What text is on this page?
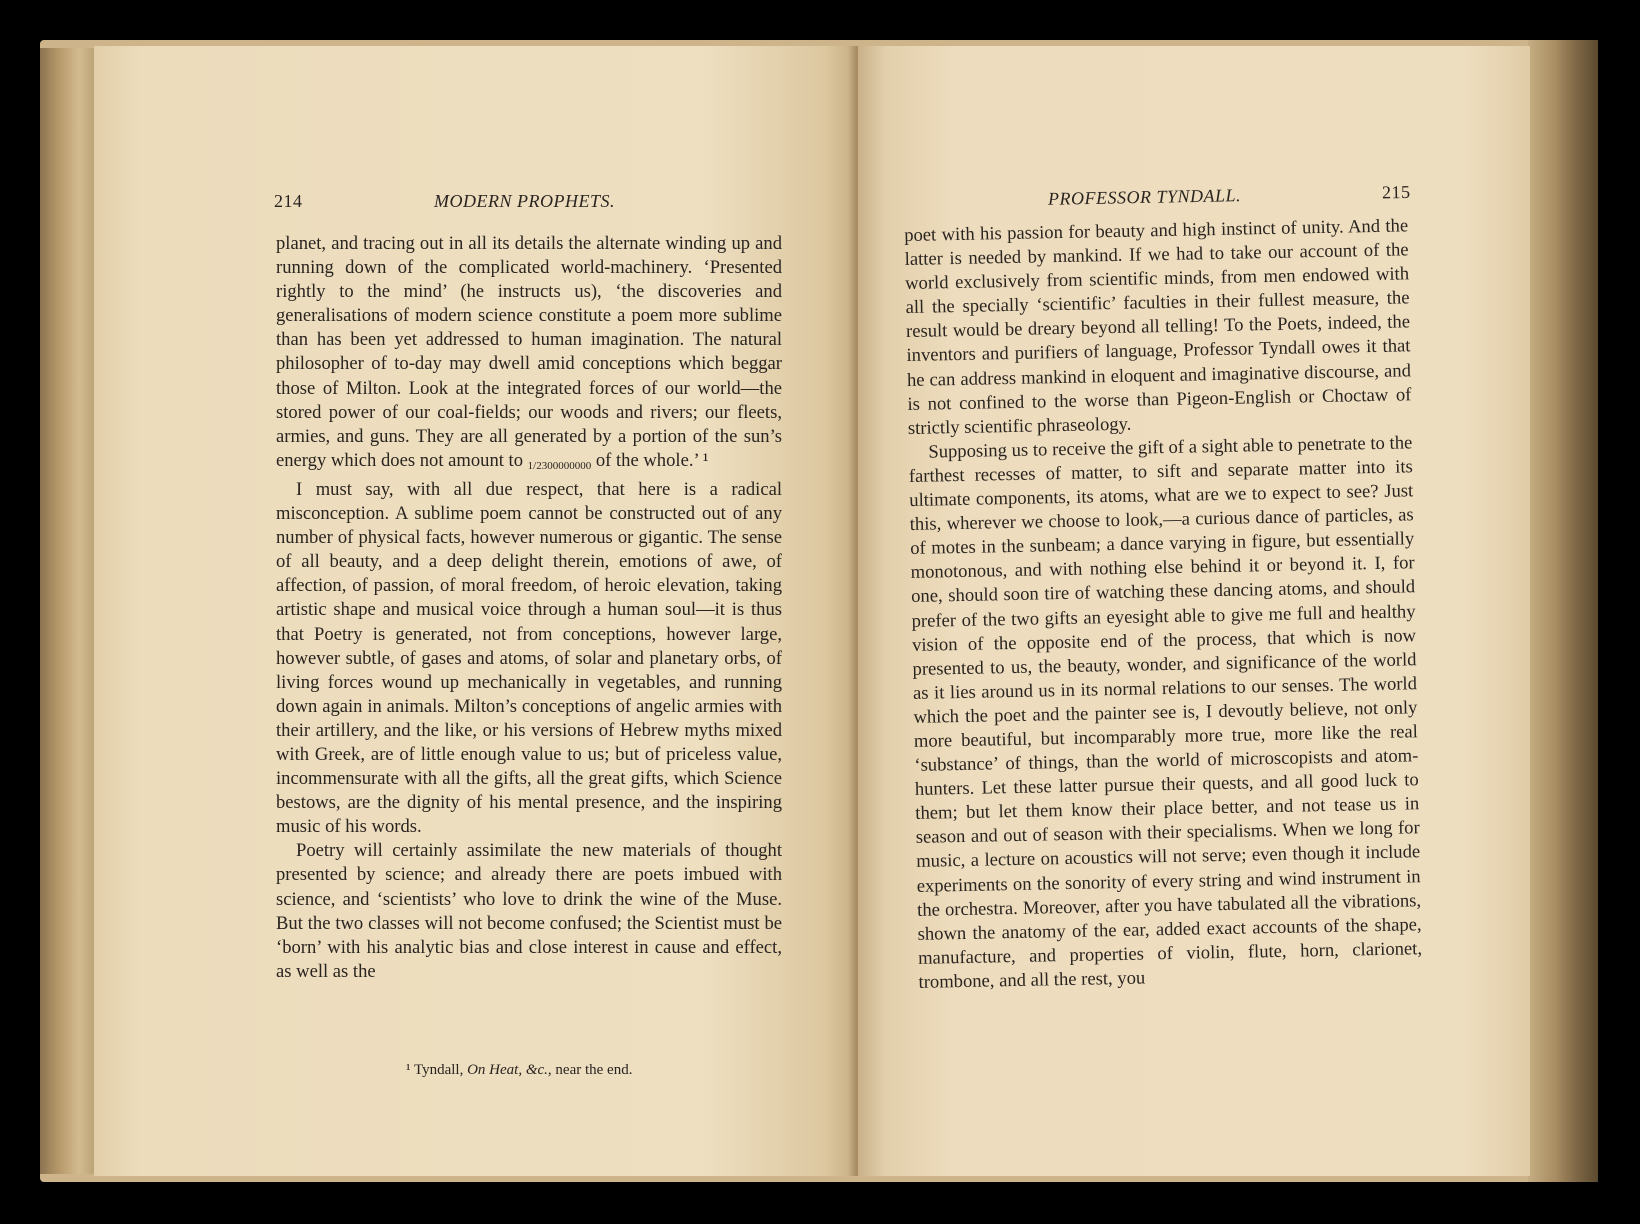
214	MODERN PROPHETS.

planet, and tracing out in all its details the alternate winding up and running down of the complicated world-machinery. ‘Presented rightly to the mind’ (he instructs us), ‘the discoveries and generalisations of modern science constitute a poem more sublime than has been yet addressed to human imagination. The natural philosopher of to-day may dwell amid conceptions which beggar those of Milton. Look at the integrated forces of our world—the stored power of our coal-fields; our woods and rivers; our fleets, armies, and guns. They are all generated by a portion of the sun’s energy which does not amount to 1/2300000000 of the whole.’ ¹

I must say, with all due respect, that here is a radical misconception. A sublime poem cannot be constructed out of any number of physical facts, however numerous or gigantic. The sense of all beauty, and a deep delight therein, emotions of awe, of affection, of passion, of moral freedom, of heroic elevation, taking artistic shape and musical voice through a human soul—it is thus that Poetry is generated, not from conceptions, however large, however subtle, of gases and atoms, of solar and planetary orbs, of living forces wound up mechanically in vegetables, and running down again in animals. Milton’s conceptions of angelic armies with their artillery, and the like, or his versions of Hebrew myths mixed with Greek, are of little enough value to us; but of priceless value, incommensurate with all the gifts, all the great gifts, which Science bestows, are the dignity of his mental presence, and the inspiring music of his words.

Poetry will certainly assimilate the new materials of thought presented by science; and already there are poets imbued with science, and ‘scientists’ who love to drink the wine of the Muse. But the two classes will not become confused; the Scientist must be ‘born’ with his analytic bias and close interest in cause and effect, as well as the

¹ Tyndall, On Heat, &c., near the end.
PROFESSOR TYNDALL.	215

poet with his passion for beauty and high instinct of unity. And the latter is needed by mankind. If we had to take our account of the world exclusively from scientific minds, from men endowed with all the specially ‘scientific’ faculties in their fullest measure, the result would be dreary beyond all telling! To the Poets, indeed, the inventors and purifiers of language, Professor Tyndall owes it that he can address mankind in eloquent and imaginative discourse, and is not confined to the worse than Pigeon-English or Choctaw of strictly scientific phraseology.

Supposing us to receive the gift of a sight able to penetrate to the farthest recesses of matter, to sift and separate matter into its ultimate components, its atoms, what are we to expect to see? Just this, wherever we choose to look,—a curious dance of particles, as of motes in the sunbeam; a dance varying in figure, but essentially monotonous, and with nothing else behind it or beyond it. I, for one, should soon tire of watching these dancing atoms, and should prefer of the two gifts an eyesight able to give me full and healthy vision of the opposite end of the process, that which is now presented to us, the beauty, wonder, and significance of the world as it lies around us in its normal relations to our senses. The world which the poet and the painter see is, I devoutly believe, not only more beautiful, but incomparably more true, more like the real ‘substance’ of things, than the world of microscopists and atom-hunters. Let these latter pursue their quests, and all good luck to them; but let them know their place better, and not tease us in season and out of season with their specialisms. When we long for music, a lecture on acoustics will not serve; even though it include experiments on the sonority of every string and wind instrument in the orchestra. Moreover, after you have tabulated all the vibrations, shown the anatomy of the ear, added exact accounts of the shape, manufacture, and properties of violin, flute, horn, clarionet, trombone, and all the rest, you
